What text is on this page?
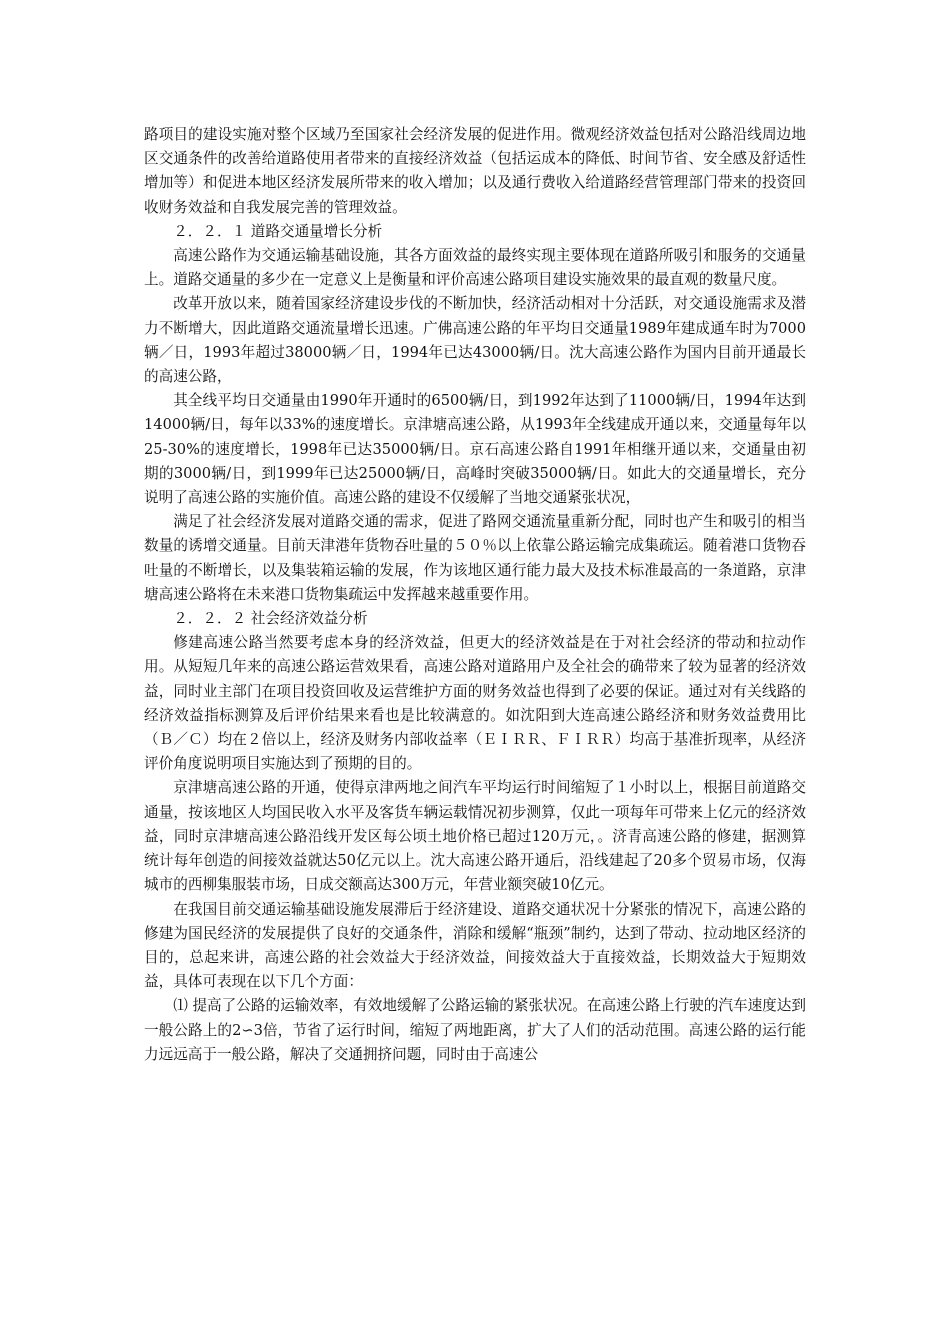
路项目的建设实施对整个区域乃至国家社会经济发展的促进作用。微观经济效益包括对公路沿线周边地区交通条件的改善给道路使用者带来的直接经济效益（包括运成本的降低、时间节省、安全感及舒适性增加等）和促进本地区经济发展所带来的收入增加；以及通行费收入给道路经营管理部门带来的投资回收财务效益和自我发展完善的管理效益。

２．２．１ 道路交通量增长分析

高速公路作为交通运输基础设施，其各方面效益的最终实现主要体现在道路所吸引和服务的交通量上。道路交通量的多少在一定意义上是衡量和评价高速公路项目建设实施效果的最直观的数量尺度。

改革开放以来，随着国家经济建设步伐的不断加快，经济活动相对十分活跃，对交通设施需求及潜力不断增大，因此道路交通流量增长迅速。广佛高速公路的年平均日交通量1989年建成通车时为7000辆／日，1993年超过38000辆／日，1994年已达43000辆/日。沈大高速公路作为国内目前开通最长的高速公路，

其全线平均日交通量由1990年开通时的6500辆/日，到1992年达到了11000辆/日，1994年达到14000辆/日，每年以33%的速度增长。京津塘高速公路，从1993年全线建成开通以来，交通量每年以25-30%的速度增长，1998年已达35000辆/日。京石高速公路自1991年相继开通以来，交通量由初期的3000辆/日，到1999年已达25000辆/日，高峰时突破35000辆/日。如此大的交通量增长，充分说明了高速公路的实施价值。高速公路的建设不仅缓解了当地交通紧张状况，

满足了社会经济发展对道路交通的需求，促进了路网交通流量重新分配，同时也产生和吸引的相当数量的诱增交通量。目前天津港年货物吞吐量的５０％以上依靠公路运输完成集疏运。随着港口货物吞吐量的不断增长，以及集装箱运输的发展，作为该地区通行能力最大及技术标准最高的一条道路，京津塘高速公路将在未来港口货物集疏运中发挥越来越重要作用。

２．２．２ 社会经济效益分析

修建高速公路当然要考虑本身的经济效益，但更大的经济效益是在于对社会经济的带动和拉动作用。从短短几年来的高速公路运营效果看，高速公路对道路用户及全社会的确带来了较为显著的经济效益，同时业主部门在项目投资回收及运营维护方面的财务效益也得到了必要的保证。通过对有关线路的经济效益指标测算及后评价结果来看也是比较满意的。如沈阳到大连高速公路经济和财务效益费用比（Ｂ／Ｃ）均在２倍以上，经济及财务内部收益率（ＥＩＲＲ、ＦＩＲＲ）均高于基准折现率，从经济评价角度说明项目实施达到了预期的目的。

京津塘高速公路的开通，使得京津两地之间汽车平均运行时间缩短了１小时以上，根据目前道路交通量，按该地区人均国民收入水平及客货车辆运载情况初步测算，仅此一项每年可带来上亿元的经济效益，同时京津塘高速公路沿线开发区每公顷土地价格已超过120万元，。济青高速公路的修建，据测算统计每年创造的间接效益就达50亿元以上。沈大高速公路开通后，沿线建起了20多个贸易市场，仅海城市的西柳集服装市场，日成交额高达300万元，年营业额突破10亿元。

在我国目前交通运输基础设施发展滞后于经济建设、道路交通状况十分紧张的情况下，高速公路的修建为国民经济的发展提供了良好的交通条件，消除和缓解“瓶颈”制约，达到了带动、拉动地区经济的目的，总起来讲，高速公路的社会效益大于经济效益，间接效益大于直接效益，长期效益大于短期效益，具体可表现在以下几个方面：

⑴ 提高了公路的运输效率，有效地缓解了公路运输的紧张状况。在高速公路上行驶的汽车速度达到一般公路上的2∽3倍，节省了运行时间，缩短了两地距离，扩大了人们的活动范围。高速公路的运行能力远远高于一般公路，解决了交通拥挤问题，同时由于高速公
